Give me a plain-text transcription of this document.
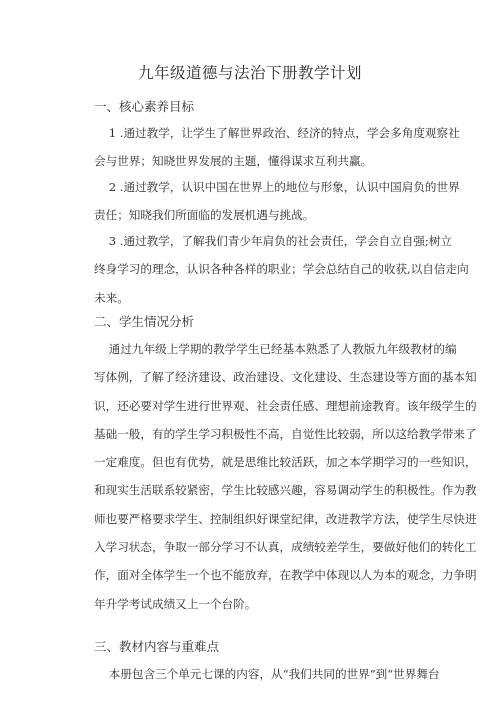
九年级道德与法治下册教学计划
一、核心素养目标
1 .通过教学，让学生了解世界政治、经济的特点，学会多角度观察社
会与世界；知晓世界发展的主题，懂得谋求互利共赢。
2 .通过教学，认识中国在世界上的地位与形象，认识中国肩负的世界
责任；知晓我们所面临的发展机遇与挑战。
3 .通过教学，了解我们青少年肩负的社会责任，学会自立自强;树立
终身学习的理念，认识各种各样的职业；学会总结自己的收获,以自信走向
未来。
二、学生情况分析
通过九年级上学期的教学学生已经基本熟悉了人教版九年级教材的编
写体例，了解了经济建设、政治建设、文化建设、生态建设等方面的基本知
识，还必要对学生进行世界观、社会责任感、理想前途教育。该年级学生的
基础一般，有的学生学习积极性不高，自觉性比较弱，所以这给教学带来了
一定难度。但也有优势，就是思维比较活跃，加之本学期学习的一些知识，
和现实生活联系较紧密，学生比较感兴趣，容易调动学生的积极性。作为教
师也要严格要求学生、控制组织好课堂纪律，改进教学方法，使学生尽快进
入学习状态，争取一部分学习不认真，成绩较差学生，要做好他们的转化工
作，面对全体学生一个也不能放弃，在教学中体现以人为本的观念，力争明
年升学考试成绩又上一个台阶。
三、教材内容与重难点
本册包含三个单元七课的内容，从“我们共同的世界”到“世界舞台
